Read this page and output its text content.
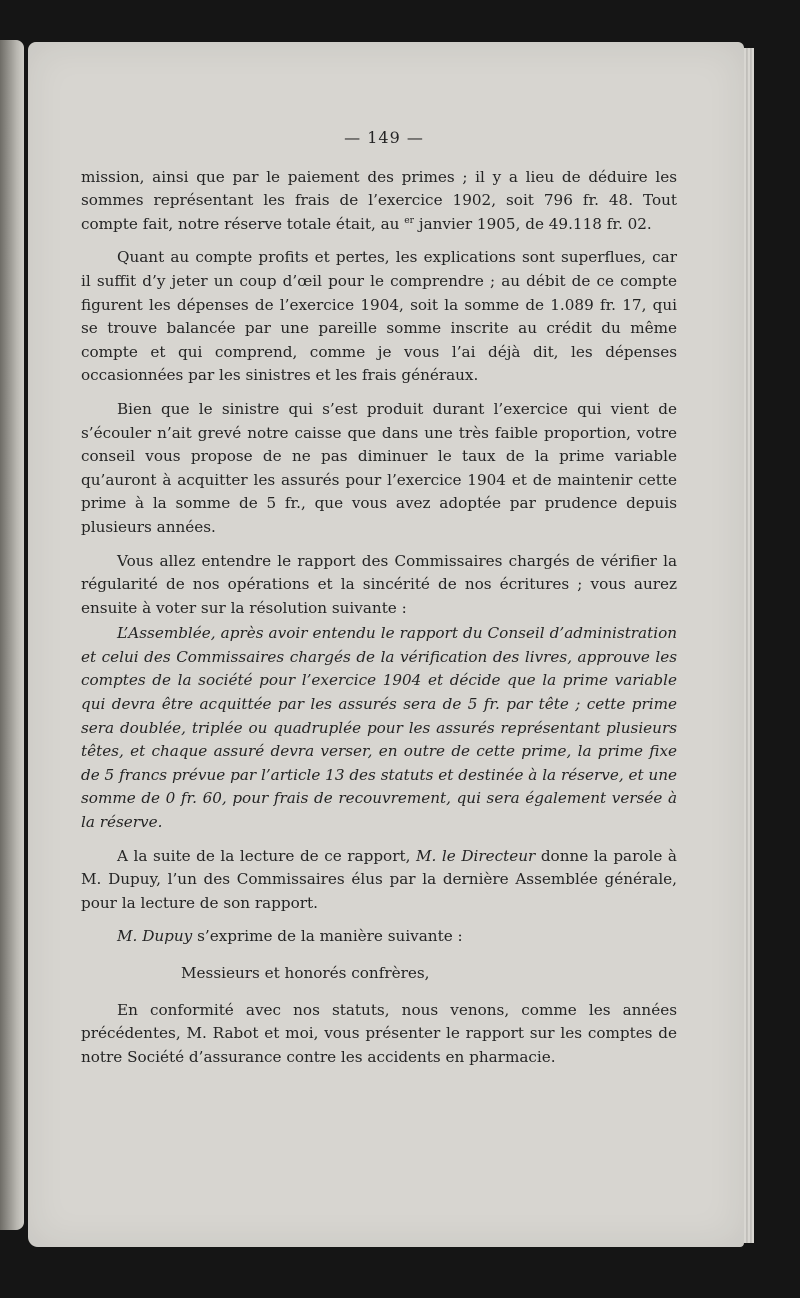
— 149 —

mission, ainsi que par le paiement des primes ; il y a lieu de déduire les sommes représentant les frais de l’exercice 1902, soit 796 fr. 48. Tout compte fait, notre réserve totale était, au $^{er}$ janvier 1905, de 49.118 fr. 02.

Quant au compte profits et pertes, les explications sont superflues, car il suffit d’y jeter un coup d’œil pour le comprendre ; au débit de ce compte figurent les dépenses de l’exercice 1904, soit la somme de 1.089 fr. 17, qui se trouve balancée par une pareille somme inscrite au crédit du même compte et qui comprend, comme je vous l’ai déjà dit, les dépenses occasionnées par les sinistres et les frais généraux.

Bien que le sinistre qui s’est produit durant l’exercice qui vient de s’écouler n’ait grevé notre caisse que dans une très faible proportion, votre conseil vous propose de ne pas diminuer le taux de la prime variable qu’auront à acquitter les assurés pour l’exercice 1904 et de maintenir cette prime à la somme de 5 fr., que vous avez adoptée par prudence depuis plusieurs années.

Vous allez entendre le rapport des Commissaires chargés de vérifier la régularité de nos opérations et la sincérité de nos écritures ; vous aurez ensuite à voter sur la résolution suivante :

L’Assemblée, après avoir entendu le rapport du Conseil d’administration et celui des Commissaires chargés de la vérification des livres, approuve les comptes de la société pour l’exercice 1904 et décide que la prime variable qui devra être acquittée par les assurés sera de 5 fr. par tête ; cette prime sera doublée, triplée ou quadruplée pour les assurés représentant plusieurs têtes, et chaque assuré devra verser, en outre de cette prime, la prime fixe de 5 francs prévue par l’article 13 des statuts et destinée à la réserve, et une somme de 0 fr. 60, pour frais de recouvrement, qui sera également versée à la réserve.

A la suite de la lecture de ce rapport, M. le Directeur donne la parole à M. Dupuy, l’un des Commissaires élus par la dernière Assemblée générale, pour la lecture de son rapport.

M. Dupuy s’exprime de la manière suivante :

Messieurs et honorés confrères,

En conformité avec nos statuts, nous venons, comme les années précédentes, M. Rabot et moi, vous présenter le rapport sur les comptes de notre Société d’assurance contre les accidents en pharmacie.
